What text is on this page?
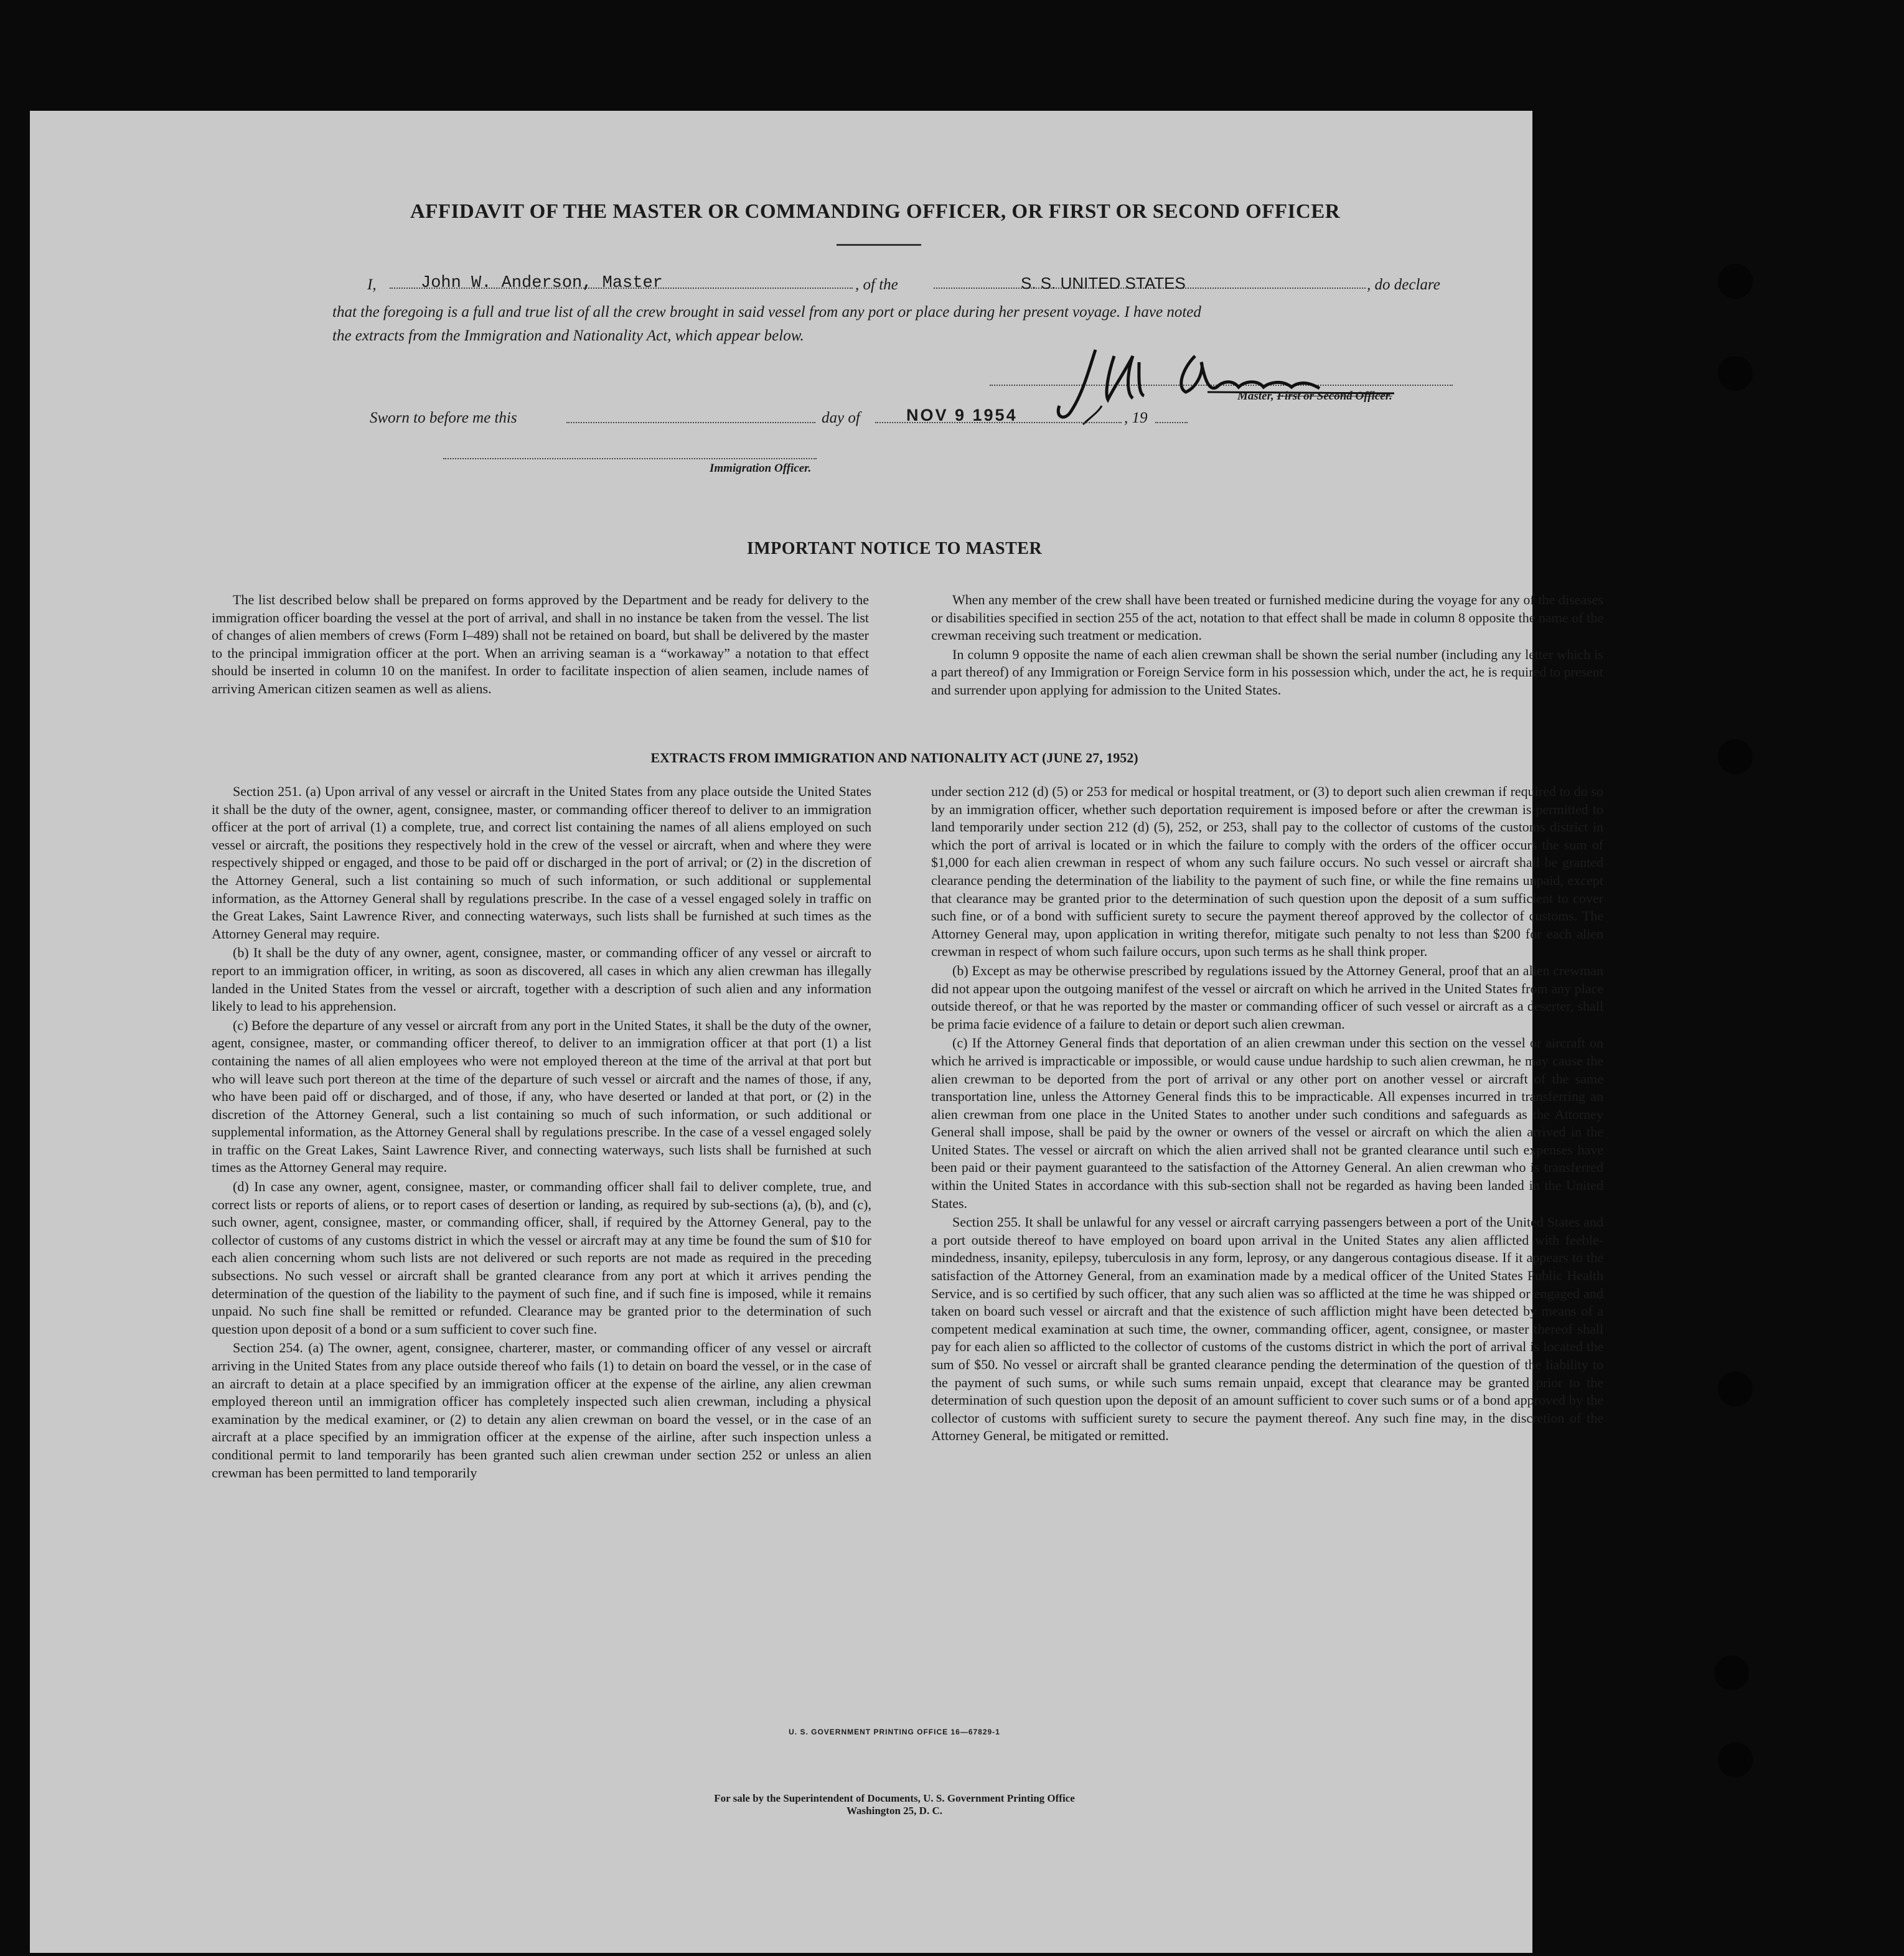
AFFIDAVIT OF THE MASTER OR COMMANDING OFFICER, OR FIRST OR SECOND OFFICER
I,	John W. Anderson, Master	, of the	S. S. UNITED STATES	, do declare
that the foregoing is a full and true list of all the crew brought in said vessel from any port or place during her present voyage. I have noted
the extracts from the Immigration and Nationality Act, which appear below.
Master, First or Second Officer.
Sworn to before me this	day of	NOV 9 1954	, 19
Immigration Officer.
IMPORTANT NOTICE TO MASTER

The list described below shall be prepared on forms approved by the Department and be ready for delivery to the immigration officer boarding the vessel at the port of arrival, and shall in no instance be taken from the vessel. The list of changes of alien members of crews (Form I–489) shall not be retained on board, but shall be delivered by the master to the principal immigration officer at the port. When an arriving seaman is a “workaway” a notation to that effect should be inserted in column 10 on the manifest. In order to facilitate inspection of alien seamen, include names of arriving American citizen seamen as well as aliens.

When any member of the crew shall have been treated or furnished medicine during the voyage for any of the diseases or disabilities specified in section 255 of the act, notation to that effect shall be made in column 8 opposite the name of the crewman receiving such treatment or medication.

In column 9 opposite the name of each alien crewman shall be shown the serial number (including any letter which is a part thereof) of any Immigration or Foreign Service form in his possession which, under the act, he is required to present and surrender upon applying for admission to the United States.

EXTRACTS FROM IMMIGRATION AND NATIONALITY ACT (JUNE 27, 1952)

Section 251. (a) Upon arrival of any vessel or aircraft in the United States from any place outside the United States it shall be the duty of the owner, agent, consignee, master, or commanding officer thereof to deliver to an immigration officer at the port of arrival (1) a complete, true, and correct list containing the names of all aliens employed on such vessel or aircraft, the positions they respectively hold in the crew of the vessel or aircraft, when and where they were respectively shipped or engaged, and those to be paid off or discharged in the port of arrival; or (2) in the discretion of the Attorney General, such a list containing so much of such information, or such additional or supplemental information, as the Attorney General shall by regulations prescribe. In the case of a vessel engaged solely in traffic on the Great Lakes, Saint Lawrence River, and connecting waterways, such lists shall be furnished at such times as the Attorney General may require.

(b) It shall be the duty of any owner, agent, consignee, master, or commanding officer of any vessel or aircraft to report to an immigration officer, in writing, as soon as discovered, all cases in which any alien crewman has illegally landed in the United States from the vessel or aircraft, together with a description of such alien and any information likely to lead to his apprehension.

(c) Before the departure of any vessel or aircraft from any port in the United States, it shall be the duty of the owner, agent, consignee, master, or commanding officer thereof, to deliver to an immigration officer at that port (1) a list containing the names of all alien employees who were not employed thereon at the time of the arrival at that port but who will leave such port thereon at the time of the departure of such vessel or aircraft and the names of those, if any, who have been paid off or discharged, and of those, if any, who have deserted or landed at that port, or (2) in the discretion of the Attorney General, such a list containing so much of such information, or such additional or supplemental information, as the Attorney General shall by regulations prescribe. In the case of a vessel engaged solely in traffic on the Great Lakes, Saint Lawrence River, and connecting waterways, such lists shall be furnished at such times as the Attorney General may require.

(d) In case any owner, agent, consignee, master, or commanding officer shall fail to deliver complete, true, and correct lists or reports of aliens, or to report cases of desertion or landing, as required by sub-sections (a), (b), and (c), such owner, agent, consignee, master, or commanding officer, shall, if required by the Attorney General, pay to the collector of customs of any customs district in which the vessel or aircraft may at any time be found the sum of $10 for each alien concerning whom such lists are not delivered or such reports are not made as required in the preceding subsections. No such vessel or aircraft shall be granted clearance from any port at which it arrives pending the determination of the question of the liability to the payment of such fine, and if such fine is imposed, while it remains unpaid. No such fine shall be remitted or refunded. Clearance may be granted prior to the determination of such question upon deposit of a bond or a sum sufficient to cover such fine.

Section 254. (a) The owner, agent, consignee, charterer, master, or commanding officer of any vessel or aircraft arriving in the United States from any place outside thereof who fails (1) to detain on board the vessel, or in the case of an aircraft to detain at a place specified by an immigration officer at the expense of the airline, any alien crewman employed thereon until an immigration officer has completely inspected such alien crewman, including a physical examination by the medical examiner, or (2) to detain any alien crewman on board the vessel, or in the case of an aircraft at a place specified by an immigration officer at the expense of the airline, after such inspection unless a conditional permit to land temporarily has been granted such alien crewman under section 252 or unless an alien crewman has been permitted to land temporarily

under section 212 (d) (5) or 253 for medical or hospital treatment, or (3) to deport such alien crewman if required to do so by an immigration officer, whether such deportation requirement is imposed before or after the crewman is permitted to land temporarily under section 212 (d) (5), 252, or 253, shall pay to the collector of customs of the customs district in which the port of arrival is located or in which the failure to comply with the orders of the officer occurs the sum of $1,000 for each alien crewman in respect of whom any such failure occurs. No such vessel or aircraft shall be granted clearance pending the determination of the liability to the payment of such fine, or while the fine remains unpaid, except that clearance may be granted prior to the determination of such question upon the deposit of a sum sufficient to cover such fine, or of a bond with sufficient surety to secure the payment thereof approved by the collector of customs. The Attorney General may, upon application in writing therefor, mitigate such penalty to not less than $200 for each alien crewman in respect of whom such failure occurs, upon such terms as he shall think proper.

(b) Except as may be otherwise prescribed by regulations issued by the Attorney General, proof that an alien crewman did not appear upon the outgoing manifest of the vessel or aircraft on which he arrived in the United States from any place outside thereof, or that he was reported by the master or commanding officer of such vessel or aircraft as a deserter, shall be prima facie evidence of a failure to detain or deport such alien crewman.

(c) If the Attorney General finds that deportation of an alien crewman under this section on the vessel or aircraft on which he arrived is impracticable or impossible, or would cause undue hardship to such alien crewman, he may cause the alien crewman to be deported from the port of arrival or any other port on another vessel or aircraft of the same transportation line, unless the Attorney General finds this to be impracticable. All expenses incurred in transferring an alien crewman from one place in the United States to another under such conditions and safeguards as the Attorney General shall impose, shall be paid by the owner or owners of the vessel or aircraft on which the alien arrived in the United States. The vessel or aircraft on which the alien arrived shall not be granted clearance until such expenses have been paid or their payment guaranteed to the satisfaction of the Attorney General. An alien crewman who is transferred within the United States in accordance with this sub-section shall not be regarded as having been landed in the United States.

Section 255. It shall be unlawful for any vessel or aircraft carrying passengers between a port of the United States and a port outside thereof to have employed on board upon arrival in the United States any alien afflicted with feeble-mindedness, insanity, epilepsy, tuberculosis in any form, leprosy, or any dangerous contagious disease. If it appears to the satisfaction of the Attorney General, from an examination made by a medical officer of the United States Public Health Service, and is so certified by such officer, that any such alien was so afflicted at the time he was shipped or engaged and taken on board such vessel or aircraft and that the existence of such affliction might have been detected by means of a competent medical examination at such time, the owner, commanding officer, agent, consignee, or master thereof shall pay for each alien so afflicted to the collector of customs of the customs district in which the port of arrival is located the sum of $50. No vessel or aircraft shall be granted clearance pending the determination of the question of the liability to the payment of such sums, or while such sums remain unpaid, except that clearance may be granted prior to the determination of such question upon the deposit of an amount sufficient to cover such sums or of a bond approved by the collector of customs with sufficient surety to secure the payment thereof. Any such fine may, in the discretion of the Attorney General, be mitigated or remitted.

U. S. GOVERNMENT PRINTING OFFICE 16—67829-1
For sale by the Superintendent of Documents, U. S. Government Printing Office
Washington 25, D. C.
